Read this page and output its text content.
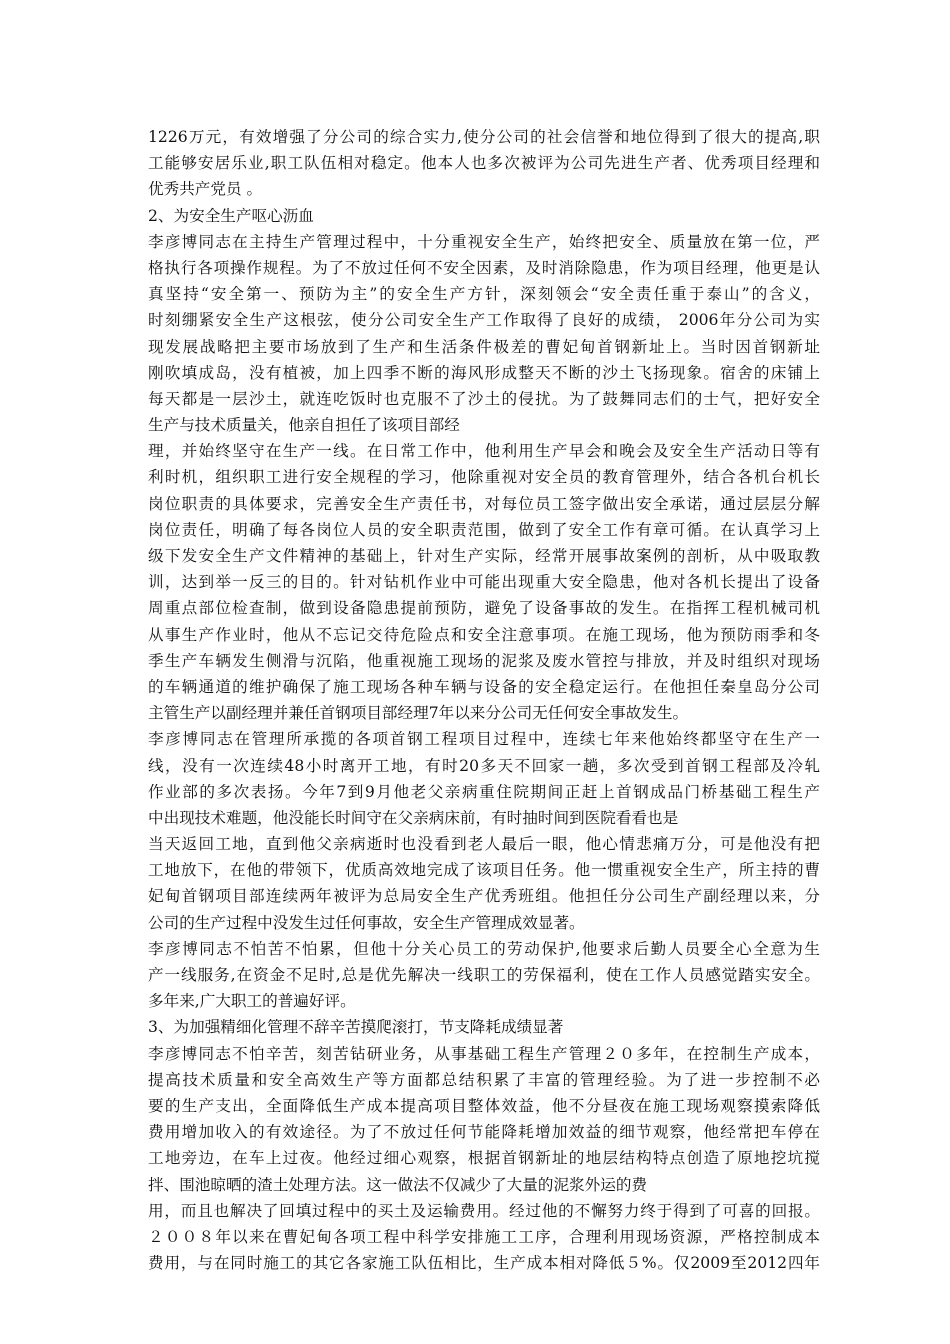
1226万元，有效增强了分公司的综合实力,使分公司的社会信誉和地位得到了很大的提高,职
工能够安居乐业,职工队伍相对稳定。他本人也多次被评为公司先进生产者、优秀项目经理和
优秀共产党员 。
2、为安全生产呕心沥血
李彦博同志在主持生产管理过程中，十分重视安全生产，始终把安全、质量放在第一位，严
格执行各项操作规程。为了不放过任何不安全因素，及时消除隐患，作为项目经理，他更是认
真坚持“安全第一、预防为主”的安全生产方针，深刻领会“安全责任重于泰山”的含义，
时刻绷紧安全生产这根弦，使分公司安全生产工作取得了良好的成绩， 2006年分公司为实
现发展战略把主要市场放到了生产和生活条件极差的曹妃甸首钢新址上。当时因首钢新址
刚吹填成岛，没有植被，加上四季不断的海风形成整天不断的沙土飞扬现象。宿舍的床铺上
每天都是一层沙土，就连吃饭时也克服不了沙土的侵扰。为了鼓舞同志们的士气，把好安全
生产与技术质量关，他亲自担任了该项目部经
理，并始终坚守在生产一线。在日常工作中，他利用生产早会和晚会及安全生产活动日等有
利时机，组织职工进行安全规程的学习，他除重视对安全员的教育管理外，结合各机台机长
岗位职责的具体要求，完善安全生产责任书，对每位员工签字做出安全承诺，通过层层分解
岗位责任，明确了每各岗位人员的安全职责范围，做到了安全工作有章可循。在认真学习上
级下发安全生产文件精神的基础上，针对生产实际，经常开展事故案例的剖析，从中吸取教
训，达到举一反三的目的。针对钻机作业中可能出现重大安全隐患，他对各机长提出了设备
周重点部位检查制，做到设备隐患提前预防，避免了设备事故的发生。在指挥工程机械司机
从事生产作业时，他从不忘记交待危险点和安全注意事项。在施工现场，他为预防雨季和冬
季生产车辆发生侧滑与沉陷，他重视施工现场的泥浆及废水管控与排放，并及时组织对现场
的车辆通道的维护确保了施工现场各种车辆与设备的安全稳定运行。在他担任秦皇岛分公司
主管生产以副经理并兼任首钢项目部经理7年以来分公司无任何安全事故发生。
李彦博同志在管理所承揽的各项首钢工程项目过程中，连续七年来他始终都坚守在生产一
线，没有一次连续48小时离开工地，有时20多天不回家一趟，多次受到首钢工程部及冷轧
作业部的多次表扬。今年7到9月他老父亲病重住院期间正赶上首钢成品门桥基础工程生产
中出现技术难题，他没能长时间守在父亲病床前，有时抽时间到医院看看也是
当天返回工地，直到他父亲病逝时也没看到老人最后一眼，他心情悲痛万分，可是他没有把
工地放下，在他的带领下，优质高效地完成了该项目任务。他一惯重视安全生产，所主持的曹
妃甸首钢项目部连续两年被评为总局安全生产优秀班组。他担任分公司生产副经理以来，分
公司的生产过程中没发生过任何事故，安全生产管理成效显著。
李彦博同志不怕苦不怕累，但他十分关心员工的劳动保护,他要求后勤人员要全心全意为生
产一线服务,在资金不足时,总是优先解决一线职工的劳保福利，使在工作人员感觉踏实安全。
多年来,广大职工的普遍好评。
3、为加强精细化管理不辞辛苦摸爬滚打，节支降耗成绩显著
李彦博同志不怕辛苦，刻苦钻研业务，从事基础工程生产管理２０多年，在控制生产成本，
提高技术质量和安全高效生产等方面都总结积累了丰富的管理经验。为了进一步控制不必
要的生产支出，全面降低生产成本提高项目整体效益，他不分昼夜在施工现场观察摸索降低
费用增加收入的有效途径。为了不放过任何节能降耗增加效益的细节观察，他经常把车停在
工地旁边，在车上过夜。他经过细心观察，根据首钢新址的地层结构特点创造了原地挖坑搅
拌、围池晾晒的渣土处理方法。这一做法不仅减少了大量的泥浆外运的费
用，而且也解决了回填过程中的买土及运输费用。经过他的不懈努力终于得到了可喜的回报。
２００８年以来在曹妃甸各项工程中科学安排施工工序，合理利用现场资源，严格控制成本
费用，与在同时施工的其它各家施工队伍相比，生产成本相对降低５%。仅2009至2012四年
